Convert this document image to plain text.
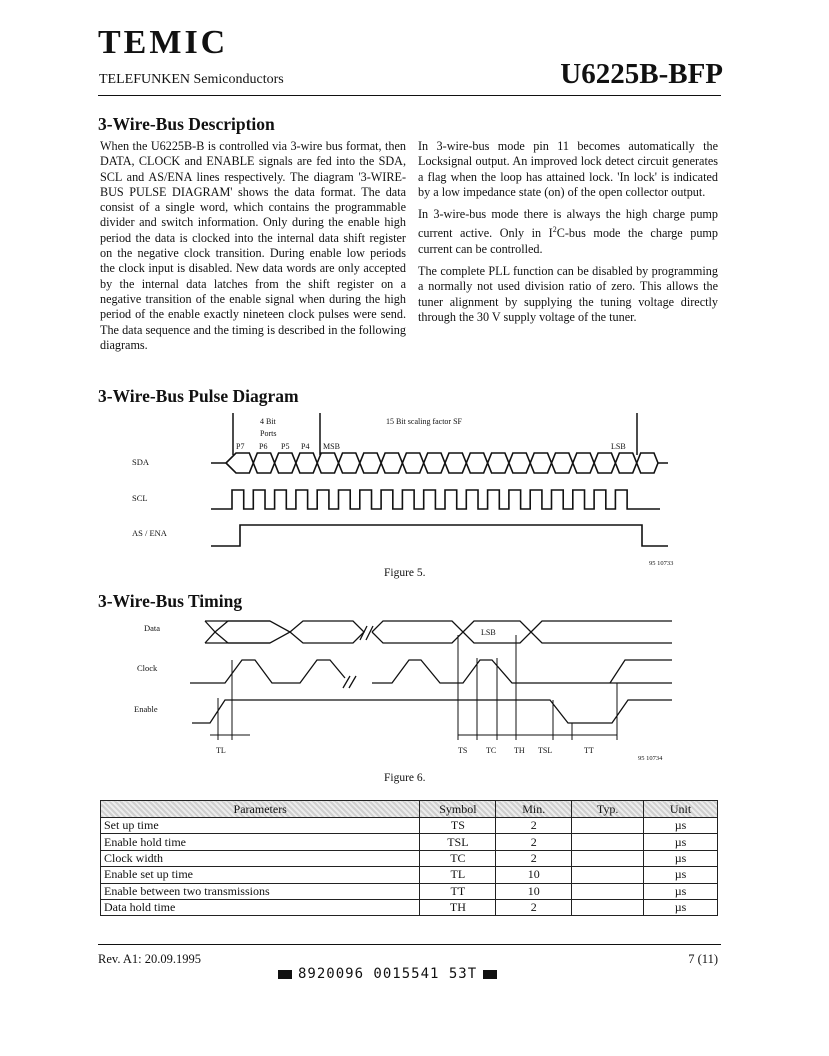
TEMIC
TELEFUNKEN Semiconductors	U6225B-BFP
3-Wire-Bus Description

When the U6225B-B is controlled via 3-wire bus format, then DATA, CLOCK and ENABLE signals are fed into the SDA, SCL and AS/ENA lines respectively. The diagram '3-WIRE-BUS PULSE DIAGRAM' shows the data format. The data consist of a single word, which contains the programmable divider and switch information. Only during the enable high period the data is clocked into the internal data shift register on the negative clock transition. During enable low periods the clock input is disabled. New data words are only accepted by the internal data latches from the shift register on a negative transition of the enable signal when during the high period of the enable exactly nineteen clock pulses were send. The data sequence and the timing is described in the following diagrams.

In 3-wire-bus mode pin 11 becomes automatically the Locksignal output. An improved lock detect circuit generates a flag when the loop has attained lock. 'In lock' is indicated by a low impedance state (on) of the open collector output.

In 3-wire-bus mode there is always the high charge pump current active. Only in $I^2C$-bus mode the charge pump current can be controlled.

The complete PLL function can be disabled by programming a normally not used division ratio of zero. This allows the tuner alignment by supplying the tuning voltage directly through the 30 V supply voltage of the tuner.

3-Wire-Bus Pulse Diagram
4 Bit
Ports
15 Bit scaling factor SF
P7 P6 P5 P4 MSB	LSB
SDA
SCL
AS / ENA
95 10733
Figure 5.
3-Wire-Bus Timing
Data
Clock
Enable
LSB
TL	TS TC TH TSL	TT
95 10734
Figure 6.
Parameters	Symbol	Min.	Typ.	Unit
Set up time	TS	2		µs
Enable hold time	TSL	2		µs
Clock width	TC	2		µs
Enable set up time	TL	10		µs
Enable between two transmissions	TT	10		µs
Data hold time	TH	2		µs
Rev. A1: 20.09.1995	7 (11)
8920096 0015541 53T
